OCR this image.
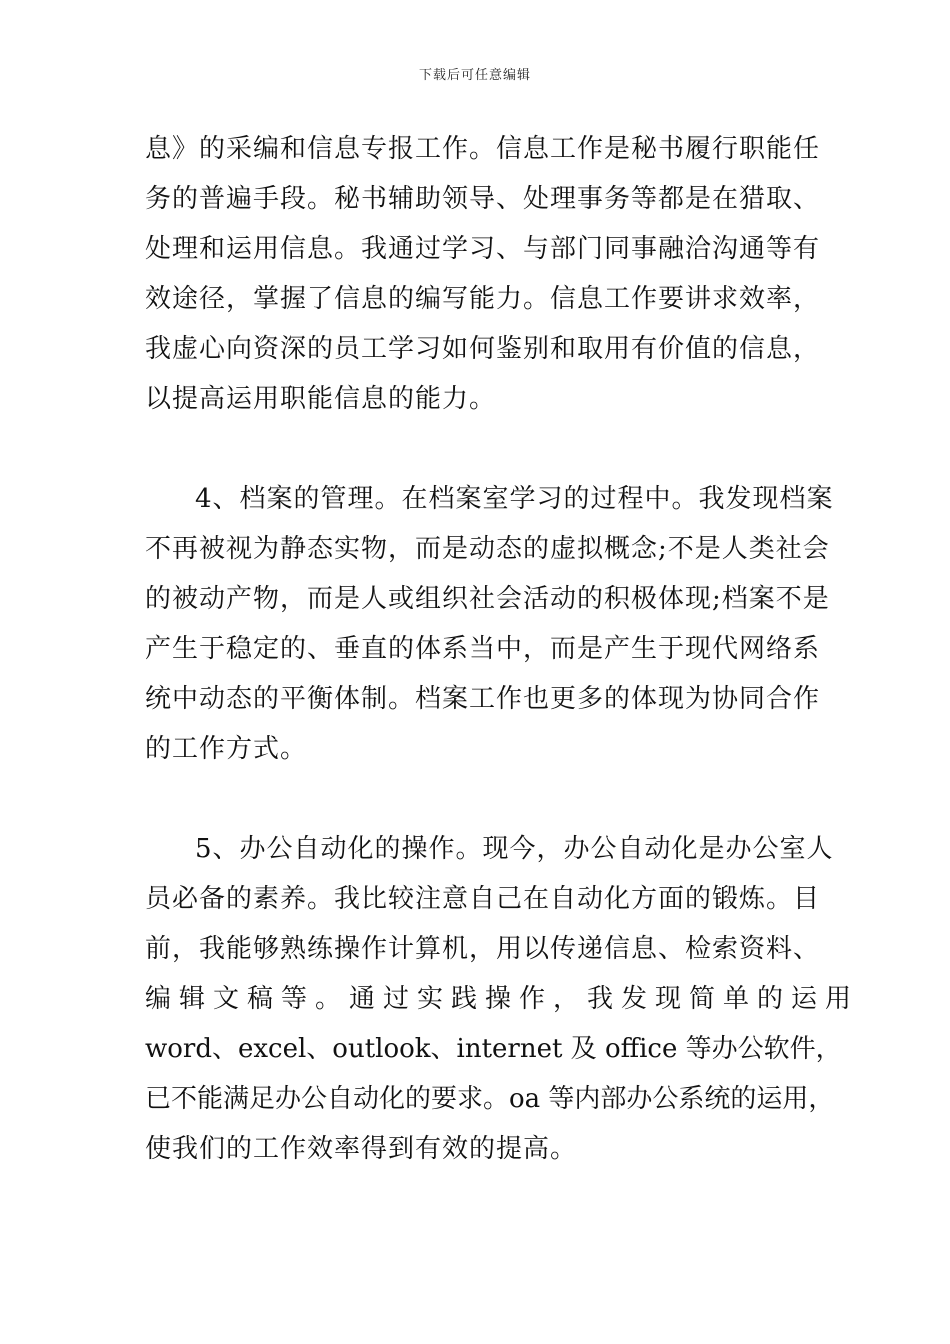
下载后可任意编辑
息》的采编和信息专报工作。信息工作是秘书履行职能任
务的普遍手段。秘书辅助领导、处理事务等都是在猎取、
处理和运用信息。我通过学习、与部门同事融洽沟通等有
效途径，掌握了信息的编写能力。信息工作要讲求效率，
我虚心向资深的员工学习如何鉴别和取用有价值的信息，
以提高运用职能信息的能力。
4、档案的管理。在档案室学习的过程中。我发现档案
不再被视为静态实物，而是动态的虚拟概念;不是人类社会
的被动产物，而是人或组织社会活动的积极体现;档案不是
产生于稳定的、垂直的体系当中，而是产生于现代网络系
统中动态的平衡体制。档案工作也更多的体现为协同合作
的工作方式。
5、办公自动化的操作。现今，办公自动化是办公室人
员必备的素养。我比较注意自己在自动化方面的锻炼。目
前，我能够熟练操作计算机，用以传递信息、检索资料、
编辑文稿等。通过实践操作，我发现简单的运用
word、excel、outlook、internet 及 office 等办公软件，
已不能满足办公自动化的要求。oa 等内部办公系统的运用，
使我们的工作效率得到有效的提高。
